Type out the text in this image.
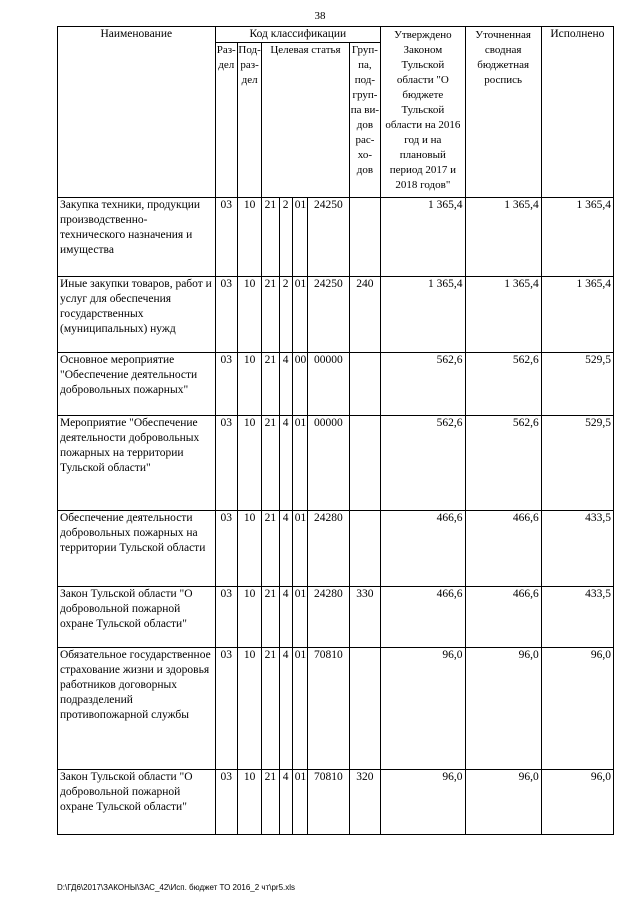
38
Наименование	Код классификации							Утверждено Законом Тульской области "О бюджете Тульской области на 2016 год и на плановый период 2017 и 2018 годов"	Уточненная сводная бюджетная роспись	Исполнено
	Раз-дел	Под-раз-дел	Целевая статья				Груп-па, под-груп-па ви-дов рас-хо-дов			
Закупка техники, продукции производственно-технического назначения и имущества	03	10	21	2	01	24250		1 365,4	1 365,4	1 365,4
Иные закупки товаров, работ и услуг для обеспечения государственных (муниципальных) нужд	03	10	21	2	01	24250	240	1 365,4	1 365,4	1 365,4
Основное мероприятие "Обеспечение деятельности добровольных пожарных"	03	10	21	4	00	00000		562,6	562,6	529,5
Мероприятие "Обеспечение деятельности добровольных пожарных на территории Тульской области"	03	10	21	4	01	00000		562,6	562,6	529,5
Обеспечение деятельности добровольных пожарных на территории Тульской области	03	10	21	4	01	24280		466,6	466,6	433,5
Закон Тульской области "О добровольной пожарной охране Тульской области"	03	10	21	4	01	24280	330	466,6	466,6	433,5
Обязательное государственное страхование жизни и здоровья работников договорных подразделений противопожарной службы	03	10	21	4	01	70810		96,0	96,0	96,0
Закон Тульской области "О добровольной пожарной охране Тульской области"	03	10	21	4	01	70810	320	96,0	96,0	96,0
D:\ГД6\2017\ЗАКОНЫ\ЗАС_42\Исп. бюджет ТО 2016_2 чт\pr5.xls
